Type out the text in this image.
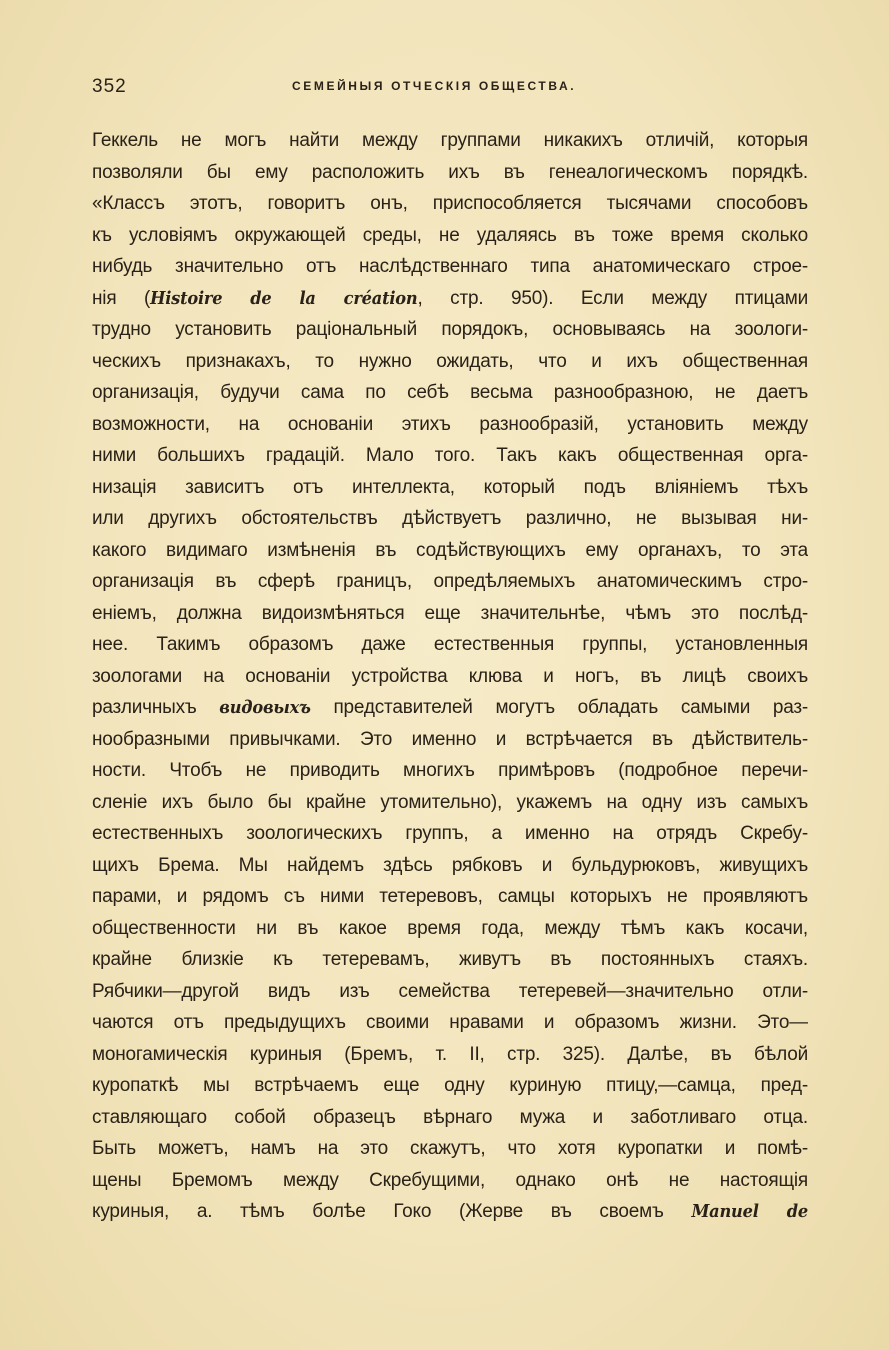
352	СЕМЕЙНЫЯ ОТЧЕСКIЯ ОБЩЕСТВА.
Геккель не могъ найти между группами никакихъ отличій, которыя
позволяли бы ему расположить ихъ въ генеалогическомъ порядкѣ.
«Классъ этотъ, говоритъ онъ, приспособляется тысячами способовъ
къ условіямъ окружающей среды, не удаляясь въ тоже время сколько
нибудь значительно отъ наслѣдственнаго типа анатомическаго строе-
нія (Histoire de la création, стр. 950). Если между птицами
трудно установить раціональный порядокъ, основываясь на зоологи-
ческихъ признакахъ, то нужно ожидать, что и ихъ общественная
организація, будучи сама по себѣ весьма разнообразною, не даетъ
возможности, на основаніи этихъ разнообразій, установить между
ними большихъ градацій. Мало того. Такъ какъ общественная орга-
низація зависитъ отъ интеллекта, который подъ вліяніемъ тѣхъ
или другихъ обстоятельствъ дѣйствуетъ различно, не вызывая ни-
какого видимаго измѣненія въ содѣйствующихъ ему органахъ, то эта
организація въ сферѣ границъ, опредѣляемыхъ анатомическимъ стро-
еніемъ, должна видоизмѣняться еще значительнѣе, чѣмъ это послѣд-
нее. Такимъ образомъ даже естественныя группы, установленныя
зоологами на основаніи устройства клюва и ногъ, въ лицѣ своихъ
различныхъ видовыхъ представителей могутъ обладать самыми раз-
нообразными привычками. Это именно и встрѣчается въ дѣйствитель-
ности. Чтобъ не приводить многихъ примѣровъ (подробное перечи-
сленіе ихъ было бы крайне утомительно), укажемъ на одну изъ самыхъ
естественныхъ зоологическихъ группъ, а именно на отрядъ Скребу-
щихъ Брема. Мы найдемъ здѣсь рябковъ и бульдурюковъ, живущихъ
парами, и рядомъ съ ними тетеревовъ, самцы которыхъ не проявляютъ
общественности ни въ какое время года, между тѣмъ какъ косачи,
крайне близкіе къ тетеревамъ, живутъ въ постоянныхъ стаяхъ.
Рябчики—другой видъ изъ семейства тетеревей—значительно отли-
чаются отъ предыдущихъ своими нравами и образомъ жизни. Это—
моногамическія куриныя (Бремъ, т. II, стр. 325). Далѣе, въ бѣлой
куропаткѣ мы встрѣчаемъ еще одну куриную птицу,—самца, пред-
ставляющаго собой образецъ вѣрнаго мужа и заботливаго отца.
Быть можетъ, намъ на это скажутъ, что хотя куропатки и помѣ-
щены Бремомъ между Скребущими, однако онѣ не настоящія
куриныя, а. тѣмъ болѣе Гоко (Жерве въ своемъ Manuel de
